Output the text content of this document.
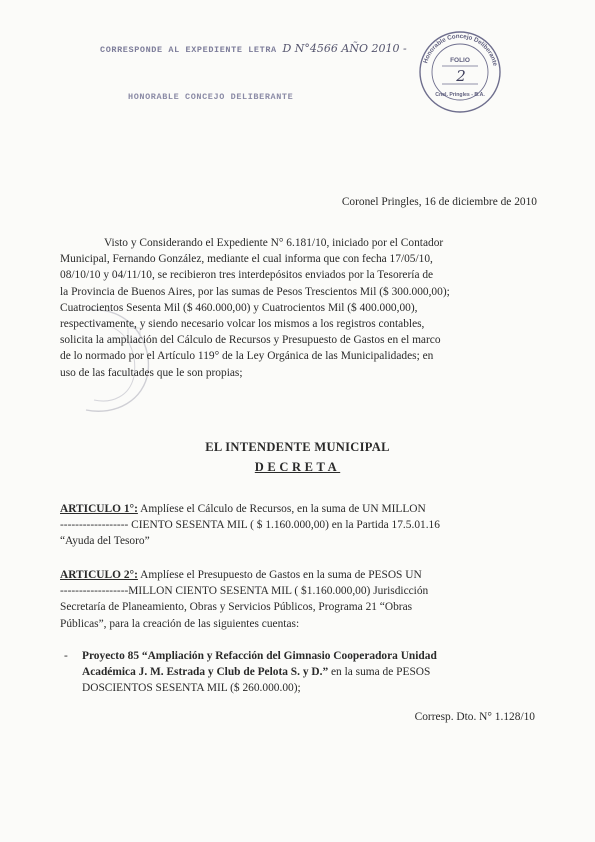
CORRESPONDE AL EXPEDIENTE LETRA D N°4566 AÑO 2010 -
HONORABLE CONCEJO DELIBERANTE
Honorable Concejo Deliberante
FOLIO
2
Cnel. Pringles - B.A.
Coronel Pringles, 16 de diciembre de 2010
Visto y Considerando el Expediente N° 6.181/10, iniciado por el Contador
Municipal, Fernando González, mediante el cual informa que con fecha 17/05/10,
08/10/10 y 04/11/10, se recibieron tres interdepósitos enviados por la Tesorería de
la Provincia de Buenos Aires, por las sumas de Pesos Trescientos Mil ($ 300.000,00);
Cuatrocientos Sesenta Mil ($ 460.000,00) y Cuatrocientos Mil ($ 400.000,00),
respectivamente, y siendo necesario volcar los mismos a los registros contables,
solicita la ampliación del Cálculo de Recursos y Presupuesto de Gastos en el marco
de lo normado por el Artículo 119° de la Ley Orgánica de las Municipalidades; en
uso de las facultades que le son propias;
EL INTENDENTE MUNICIPAL
DECRETA
ARTICULO 1°: Amplíese el Cálculo de Recursos, en la suma de UN MILLON
------------------ CIENTO SESENTA MIL ( $ 1.160.000,00) en la Partida 17.5.01.16
“Ayuda del Tesoro”
ARTICULO 2°: Amplíese el Presupuesto de Gastos en la suma de PESOS UN
------------------MILLON CIENTO SESENTA MIL ( $1.160.000,00) Jurisdicción
Secretaría de Planeamiento, Obras y Servicios Públicos, Programa 21 “Obras
Públicas”, para la creación de las siguientes cuentas:
- Proyecto 85 “Ampliación y Refacción del Gimnasio Cooperadora Unidad
Académica J. M. Estrada y Club de Pelota S. y D.” en la suma de PESOS
DOSCIENTOS SESENTA MIL ($ 260.000.00);
Corresp. Dto. N° 1.128/10
